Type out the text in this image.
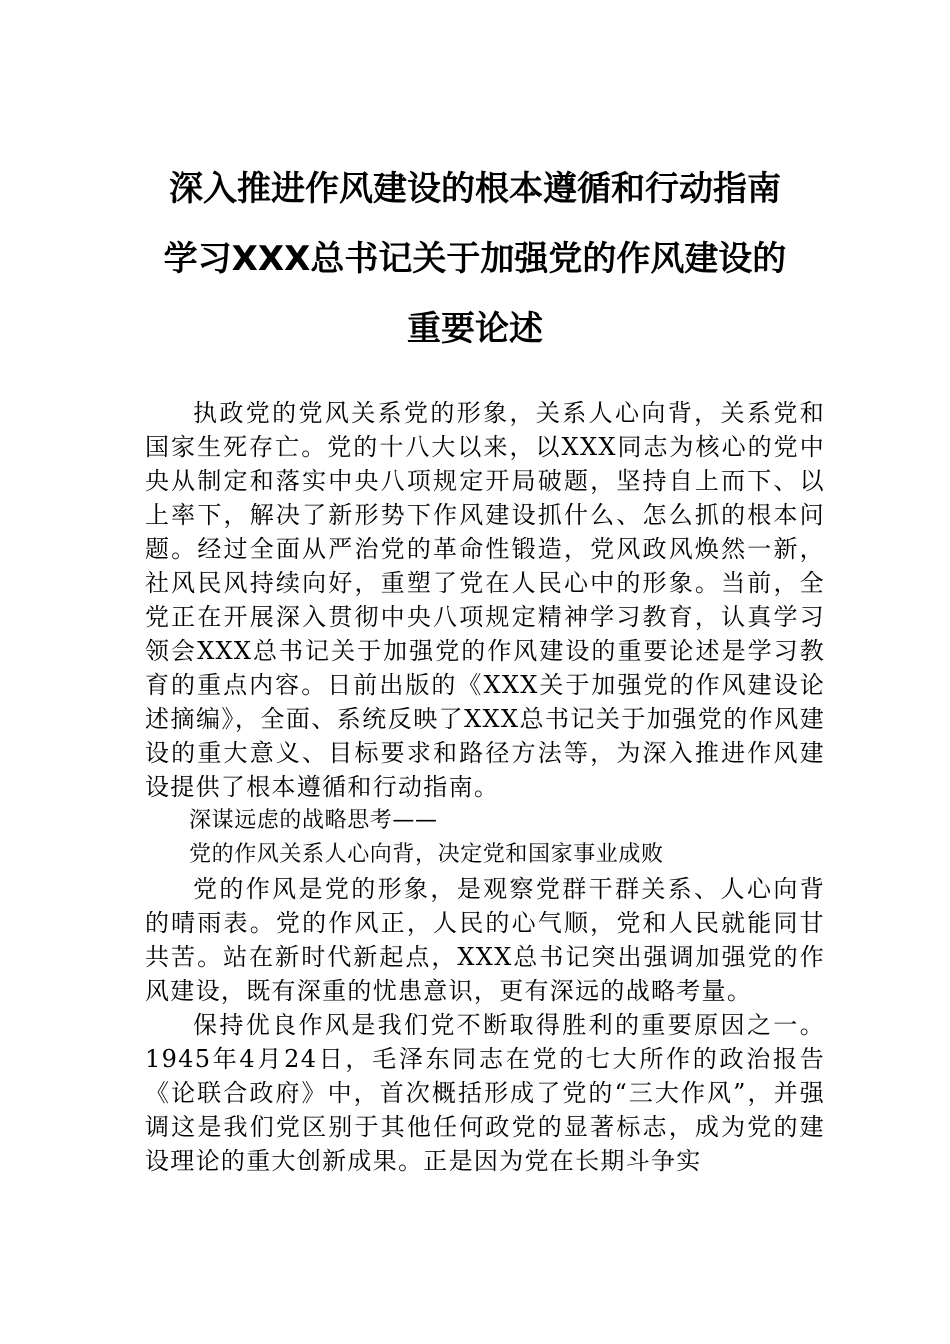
深入推进作风建设的根本遵循和行动指南
学习XXX总书记关于加强党的作风建设的
重要论述

执政党的党风关系党的形象，关系人心向背，关系党和国家生死存亡。党的十八大以来，以XXX同志为核心的党中央从制定和落实中央八项规定开局破题，坚持自上而下、以上率下，解决了新形势下作风建设抓什么、怎么抓的根本问题。经过全面从严治党的革命性锻造，党风政风焕然一新，社风民风持续向好，重塑了党在人民心中的形象。当前，全党正在开展深入贯彻中央八项规定精神学习教育，认真学习领会XXX总书记关于加强党的作风建设的重要论述是学习教育的重点内容。日前出版的《XXX关于加强党的作风建设论述摘编》，全面、系统反映了XXX总书记关于加强党的作风建设的重大意义、目标要求和路径方法等，为深入推进作风建设提供了根本遵循和行动指南。

深谋远虑的战略思考——

党的作风关系人心向背，决定党和国家事业成败

党的作风是党的形象，是观察党群干群关系、人心向背的晴雨表。党的作风正，人民的心气顺，党和人民就能同甘共苦。站在新时代新起点，XXX总书记突出强调加强党的作风建设，既有深重的忧患意识，更有深远的战略考量。

保持优良作风是我们党不断取得胜利的重要原因之一。1945年4月24日，毛泽东同志在党的七大所作的政治报告《论联合政府》中，首次概括形成了党的“三大作风”，并强调这是我们党区别于其他任何政党的显著标志，成为党的建设理论的重大创新成果。正是因为党在长期斗争实
